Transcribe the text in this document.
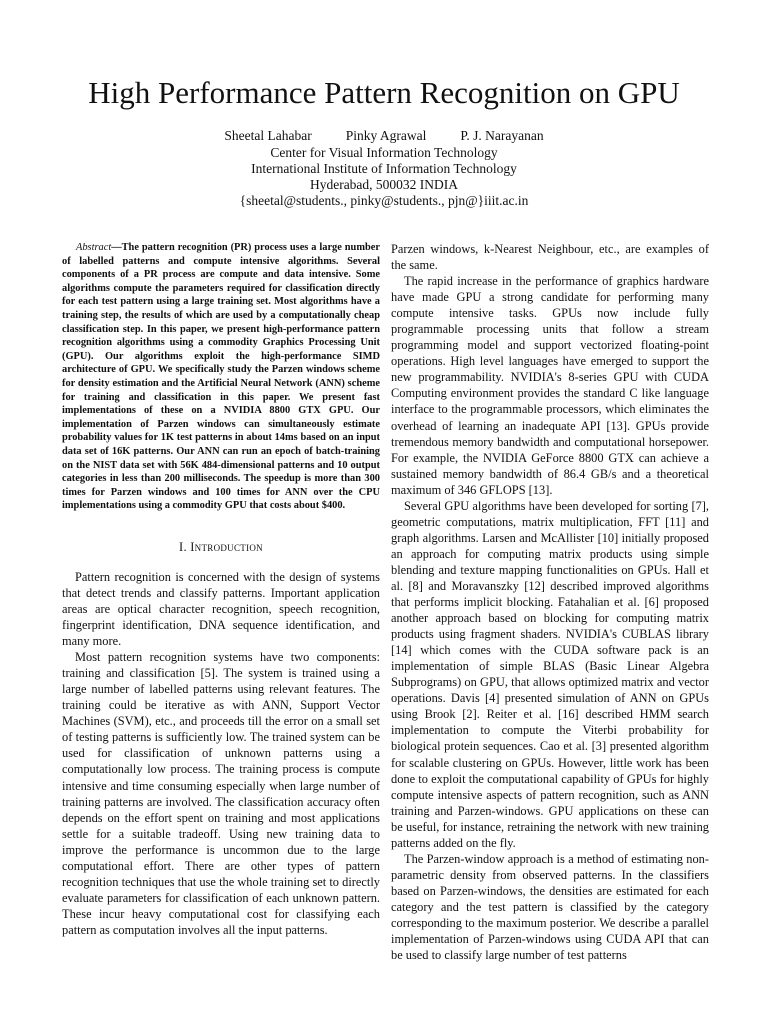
High Performance Pattern Recognition on GPU
Sheetal Lahabar	Pinky Agrawal	P. J. Narayanan
Center for Visual Information Technology
International Institute of Information Technology
Hyderabad, 500032 INDIA
{sheetal@students., pinky@students., pjn@}iiit.ac.in

Abstract—The pattern recognition (PR) process uses a large number of labelled patterns and compute intensive algorithms. Several components of a PR process are compute and data intensive. Some algorithms compute the parameters required for classification directly for each test pattern using a large training set. Most algorithms have a training step, the results of which are used by a computationally cheap classification step. In this paper, we present high-performance pattern recognition algorithms using a commodity Graphics Processing Unit (GPU). Our algorithms exploit the high-performance SIMD architecture of GPU. We specifically study the Parzen windows scheme for density estimation and the Artificial Neural Network (ANN) scheme for training and classification in this paper. We present fast implementations of these on a NVIDIA 8800 GTX GPU. Our implementation of Parzen windows can simultaneously estimate probability values for 1K test patterns in about 14ms based on an input data set of 16K patterns. Our ANN can run an epoch of batch-training on the NIST data set with 56K 484-dimensional patterns and 10 output categories in less than 200 milliseconds. The speedup is more than 300 times for Parzen windows and 100 times for ANN over the CPU implementations using a commodity GPU that costs about $400.

I. Introduction

Pattern recognition is concerned with the design of systems that detect trends and classify patterns. Important application areas are optical character recognition, speech recognition, fingerprint identification, DNA sequence identification, and many more.

Most pattern recognition systems have two components: training and classification [5]. The system is trained using a large number of labelled patterns using relevant features. The training could be iterative as with ANN, Support Vector Machines (SVM), etc., and proceeds till the error on a small set of testing patterns is sufficiently low. The trained system can be used for classification of unknown patterns using a computationally low process. The training process is compute intensive and time consuming especially when large number of training patterns are involved. The classification accuracy often depends on the effort spent on training and most applications settle for a suitable tradeoff. Using new training data to improve the performance is uncommon due to the large computational effort. There are other types of pattern recognition techniques that use the whole training set to directly evaluate parameters for classification of each unknown pattern. These incur heavy computational cost for classifying each pattern as computation involves all the input patterns.

Parzen windows, k-Nearest Neighbour, etc., are examples of the same.

The rapid increase in the performance of graphics hardware have made GPU a strong candidate for performing many compute intensive tasks. GPUs now include fully programmable processing units that follow a stream programming model and support vectorized floating-point operations. High level languages have emerged to support the new programmability. NVIDIA's 8-series GPU with CUDA Computing environment provides the standard C like language interface to the programmable processors, which eliminates the overhead of learning an inadequate API [13]. GPUs provide tremendous memory bandwidth and computational horsepower. For example, the NVIDIA GeForce 8800 GTX can achieve a sustained memory bandwidth of 86.4 GB/s and a theoretical maximum of 346 GFLOPS [13].

Several GPU algorithms have been developed for sorting [7], geometric computations, matrix multiplication, FFT [11] and graph algorithms. Larsen and McAllister [10] initially proposed an approach for computing matrix products using simple blending and texture mapping functionalities on GPUs. Hall et al. [8] and Moravanszky [12] described improved algorithms that performs implicit blocking. Fatahalian et al. [6] proposed another approach based on blocking for computing matrix products using fragment shaders. NVIDIA's CUBLAS library [14] which comes with the CUDA software pack is an implementation of simple BLAS (Basic Linear Algebra Subprograms) on GPU, that allows optimized matrix and vector operations. Davis [4] presented simulation of ANN on GPUs using Brook [2]. Reiter et al. [16] described HMM search implementation to compute the Viterbi probability for biological protein sequences. Cao et al. [3] presented algorithm for scalable clustering on GPUs. However, little work has been done to exploit the computational capability of GPUs for highly compute intensive aspects of pattern recognition, such as ANN training and Parzen-windows. GPU applications on these can be useful, for instance, retraining the network with new training patterns added on the fly.

The Parzen-window approach is a method of estimating non-parametric density from observed patterns. In the classifiers based on Parzen-windows, the densities are estimated for each category and the test pattern is classified by the category corresponding to the maximum posterior. We describe a parallel implementation of Parzen-windows using CUDA API that can be used to classify large number of test patterns
